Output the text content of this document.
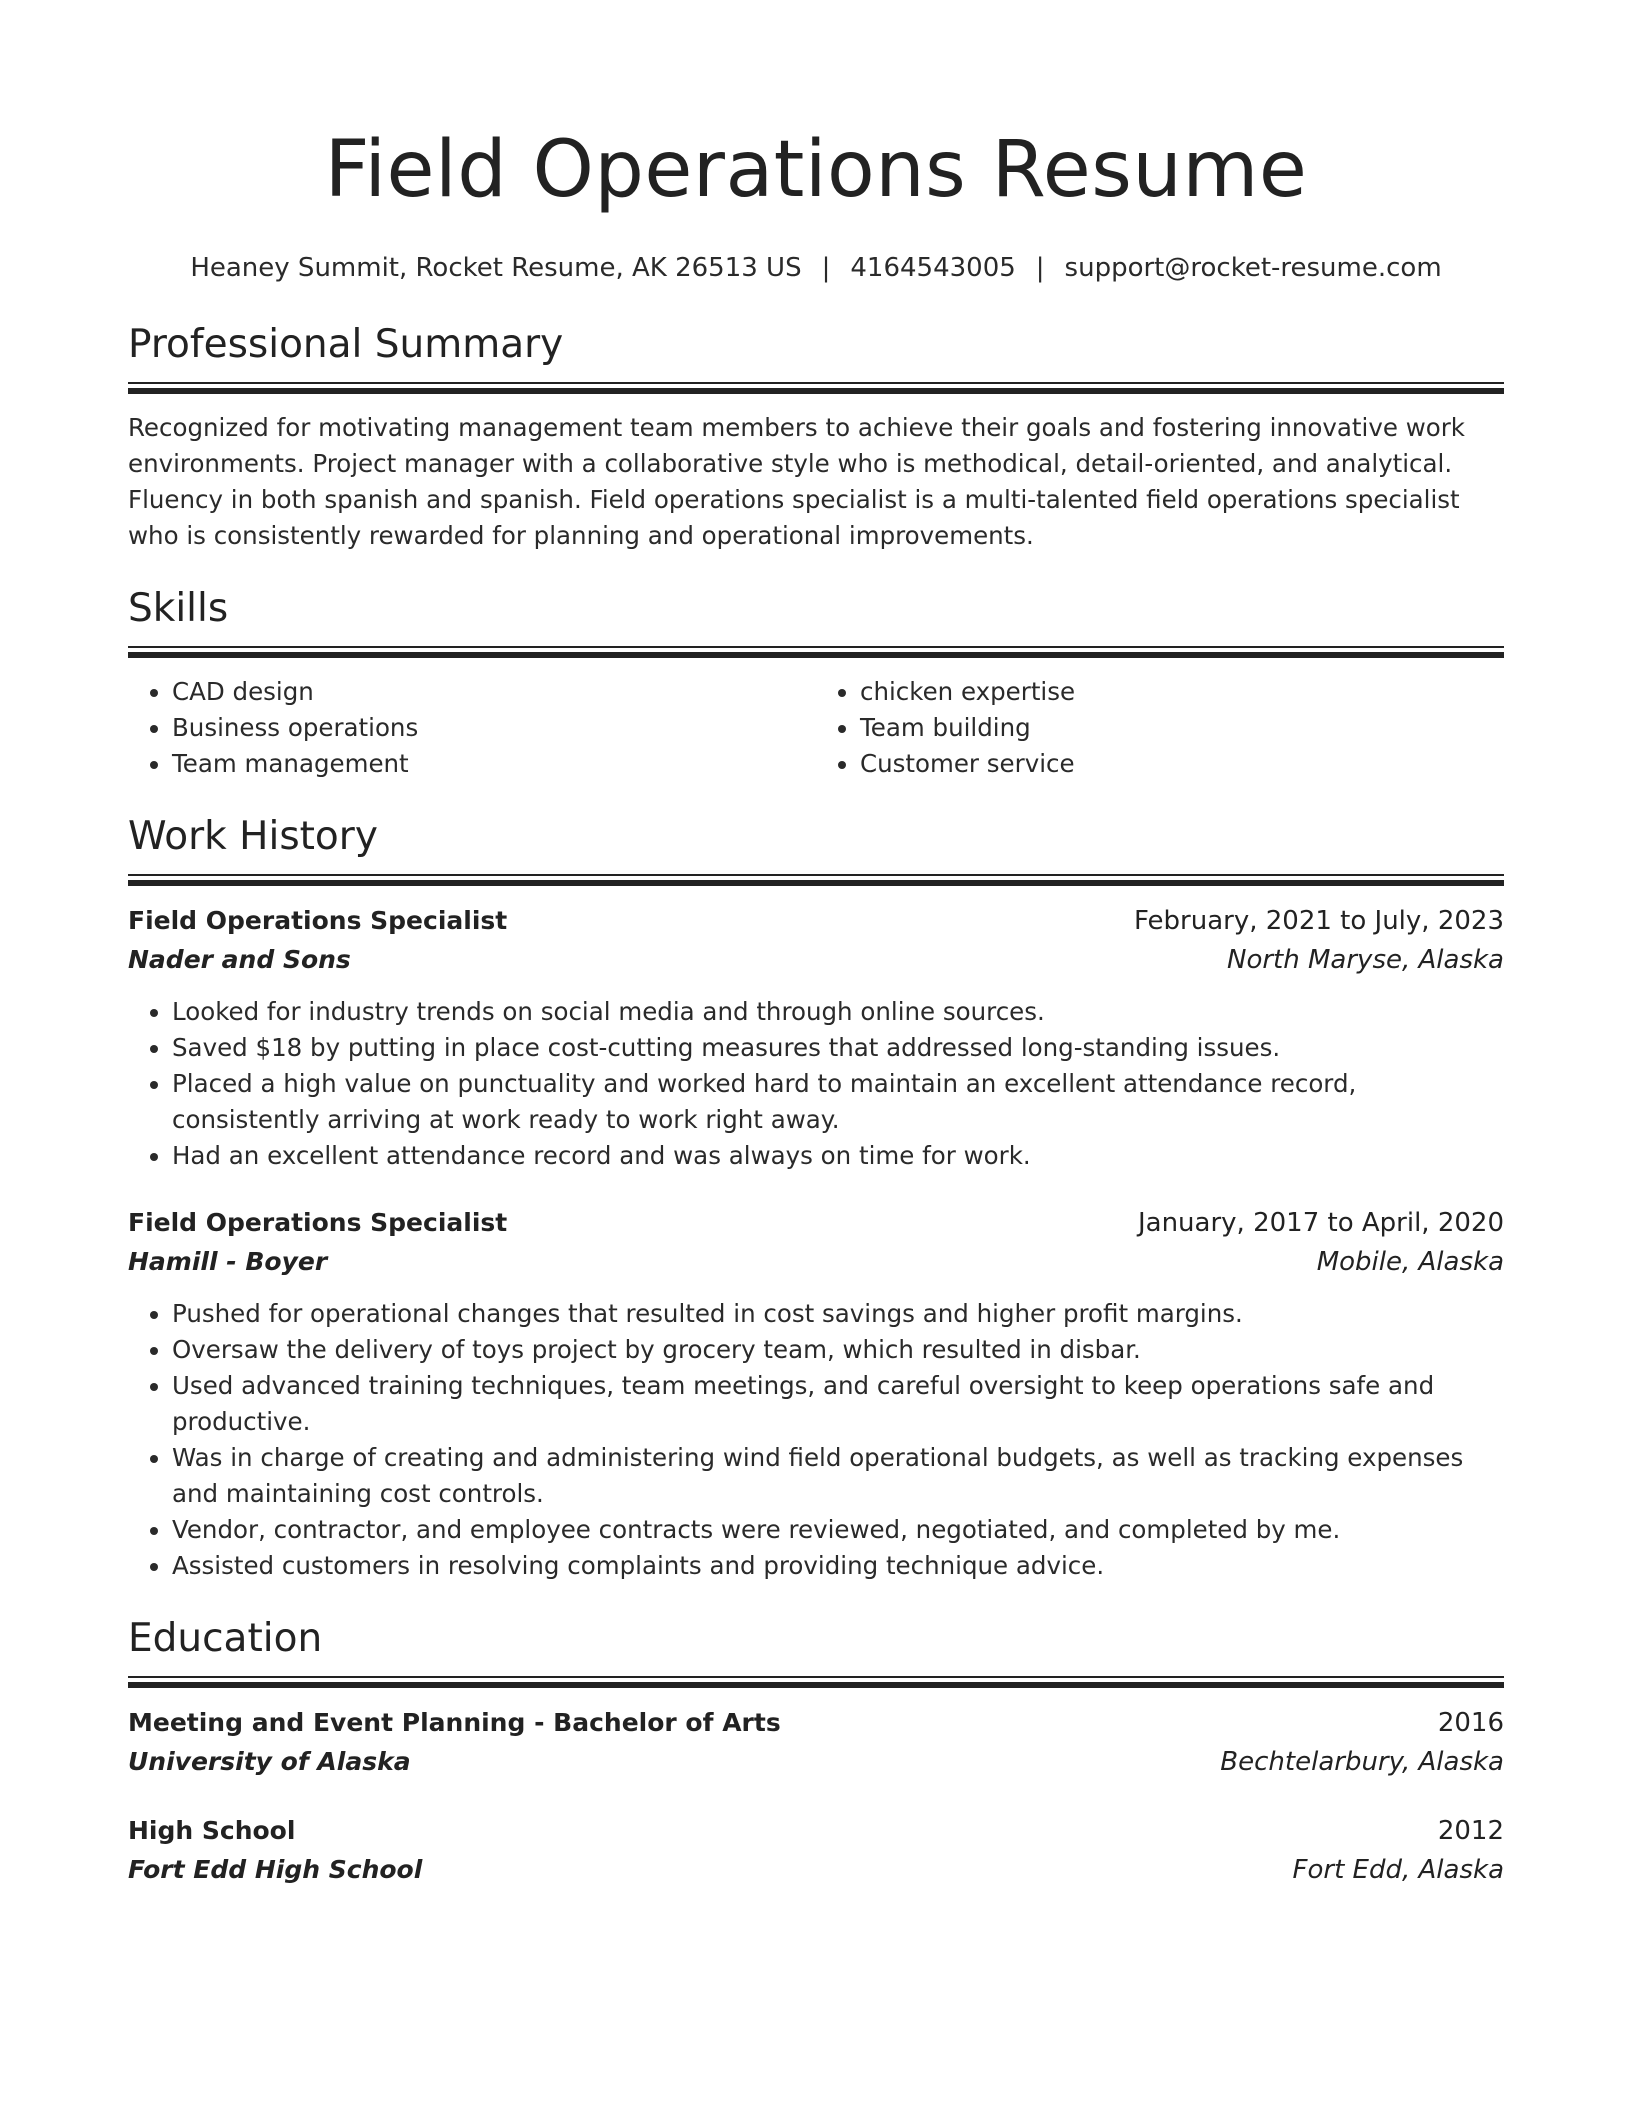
Field Operations Resume
Heaney Summit, Rocket Resume, AK 26513 US | 4164543005 | support@rocket-resume.com
Professional Summary
Recognized for motivating management team members to achieve their goals and fostering innovative work environments. Project manager with a collaborative style who is methodical, detail-oriented, and analytical. Fluency in both spanish and spanish. Field operations specialist is a multi-talented field operations specialist who is consistently rewarded for planning and operational improvements.
Skills
• CAD design
• Business operations
• Team management
• chicken expertise
• Team building
• Customer service
Work History
Field Operations Specialist	February, 2021 to July, 2023
Nader and Sons	North Maryse, Alaska
• Looked for industry trends on social media and through online sources.
• Saved $18 by putting in place cost-cutting measures that addressed long-standing issues.
• Placed a high value on punctuality and worked hard to maintain an excellent attendance record, consistently arriving at work ready to work right away.
• Had an excellent attendance record and was always on time for work.
Field Operations Specialist	January, 2017 to April, 2020
Hamill - Boyer	Mobile, Alaska
• Pushed for operational changes that resulted in cost savings and higher profit margins.
• Oversaw the delivery of toys project by grocery team, which resulted in disbar.
• Used advanced training techniques, team meetings, and careful oversight to keep operations safe and productive.
• Was in charge of creating and administering wind field operational budgets, as well as tracking expenses and maintaining cost controls.
• Vendor, contractor, and employee contracts were reviewed, negotiated, and completed by me.
• Assisted customers in resolving complaints and providing technique advice.
Education
Meeting and Event Planning - Bachelor of Arts	2016
University of Alaska	Bechtelarbury, Alaska
High School	2012
Fort Edd High School	Fort Edd, Alaska
